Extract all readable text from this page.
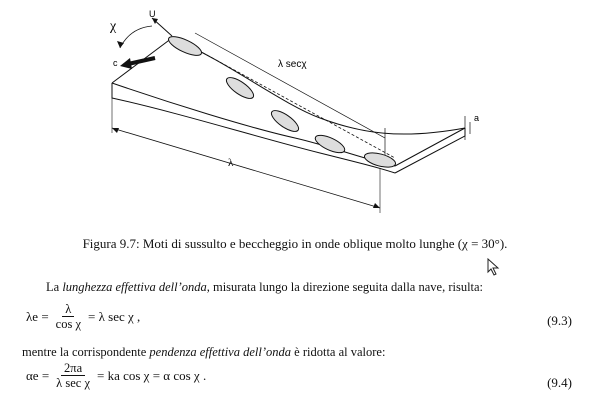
χ
U
c	λ secχ
λ
a
Figura 9.7: Moti di sussulto e beccheggio in onde oblique molto lunghe (χ = 30°).
La lunghezza effettiva dell’onda, misurata lungo la direzione seguita dalla nave, risulta:
$\lambda e = \frac{\lambda}{\text{cos χ}} = \lambda$ sec χ ,	(9.3)
mentre la corrispondente pendenza effettiva dell’onda è ridotta al valore:
$\alpha e = \frac{2\pi a}{\text{λ sec χ}}$ = ka cos χ = α cos χ .	(9.4)
